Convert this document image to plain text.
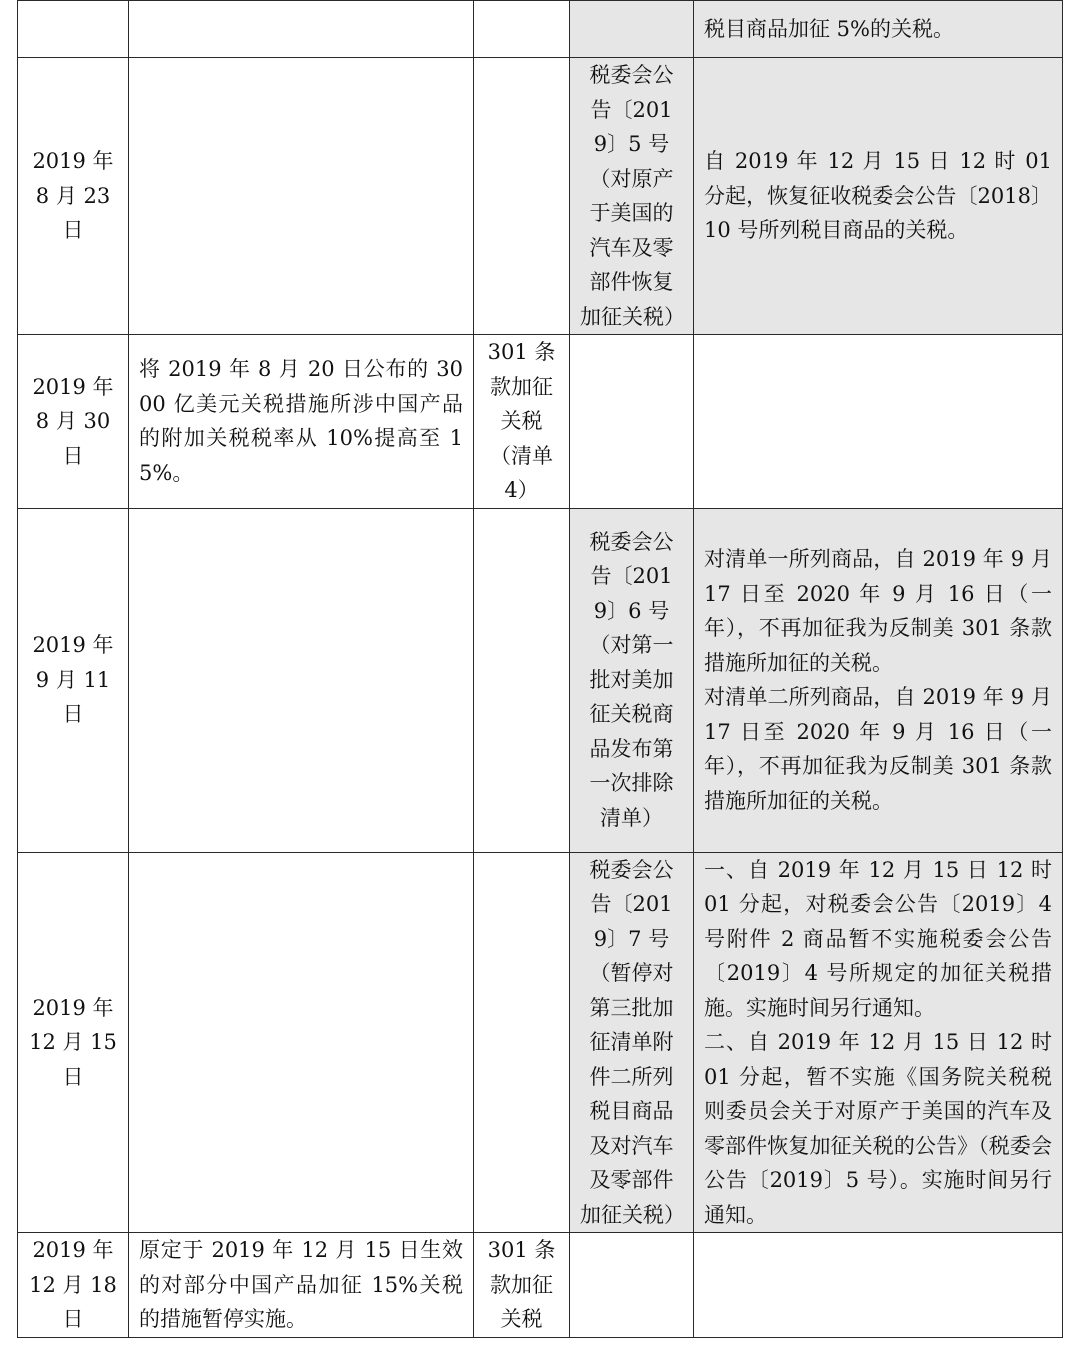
				税目商品加征 5%的关税。

2019 年 8 月 23 日			税委会公告〔2019〕5 号（对原产于美国的汽车及零部件恢复加征关税）	自 2019 年 12 月 15 日 12 时 01 分起，恢复征收税委会公告〔2018〕10 号所列税目商品的关税。

2019 年 8 月 30 日	将 2019 年 8 月 20 日公布的 3000 亿美元关税措施所涉中国产品的附加关税税率从 10%提高至 15%。	301 条款加征关税（清单 4）		

2019 年 9 月 11 日			税委会公告〔2019〕6 号（对第一批对美加征关税商品发布第一次排除清单）	对清单一所列商品，自 2019 年 9 月 17 日至 2020 年 9 月 16 日（一年），不再加征我为反制美 301 条款措施所加征的关税。
对清单二所列商品，自 2019 年 9 月 17 日至 2020 年 9 月 16 日（一年），不再加征我为反制美 301 条款措施所加征的关税。

2019 年 12 月 15 日			税委会公告〔2019〕7 号（暂停对第三批加征清单附件二所列税目商品及对汽车及零部件加征关税）	一、自 2019 年 12 月 15 日 12 时 01 分起，对税委会公告〔2019〕4 号附件 2 商品暂不实施税委会公告〔2019〕4 号所规定的加征关税措施。实施时间另行通知。
二、自 2019 年 12 月 15 日 12 时 01 分起，暂不实施《国务院关税税则委员会关于对原产于美国的汽车及零部件恢复加征关税的公告》（税委会公告〔2019〕5 号）。实施时间另行通知。

2019 年 12 月 18 日	原定于 2019 年 12 月 15 日生效的对部分中国产品加征 15%关税的措施暂停实施。	301 条款加征关税		
